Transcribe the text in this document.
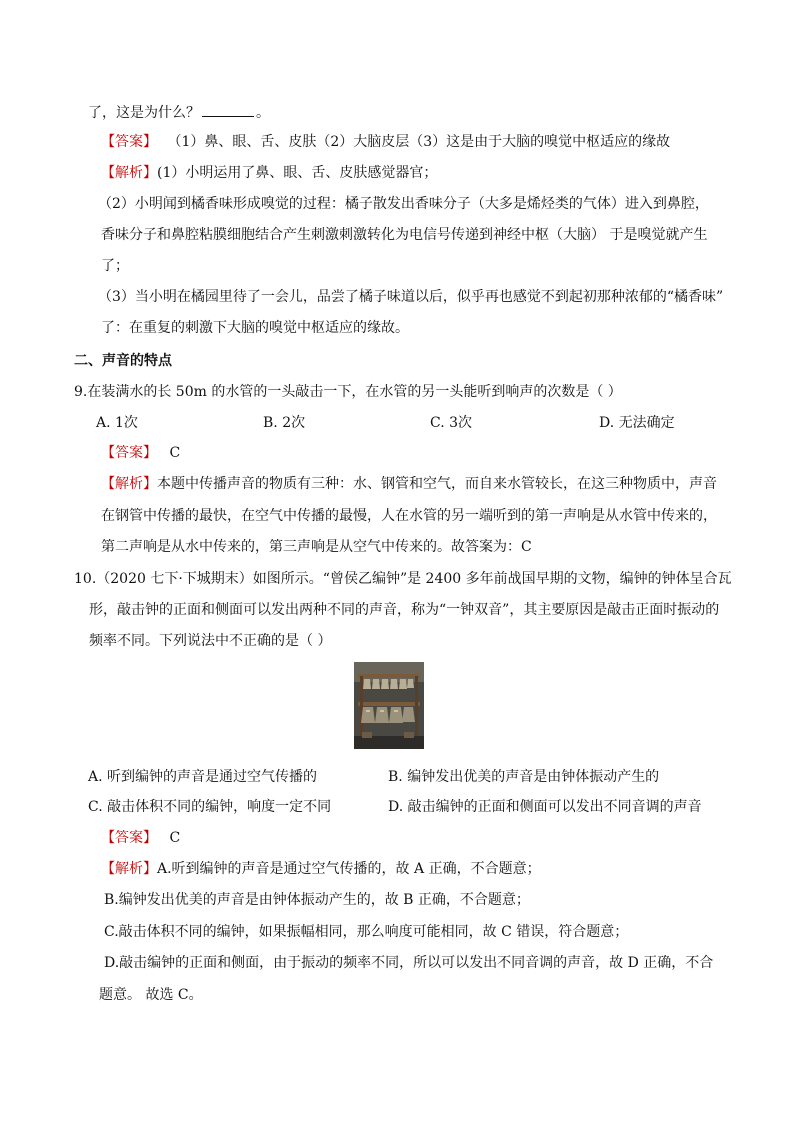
了，这是为什么？	。
【答案】 （1）鼻、眼、舌、皮肤（2）大脑皮层（3）这是由于大脑的嗅觉中枢适应的缘故
【解析】(1）小明运用了鼻、眼、舌、皮肤感觉器官；
（2）小明闻到橘香味形成嗅觉的过程：橘子散发出香味分子（大多是烯烃类的气体）进入到鼻腔，
香味分子和鼻腔粘膜细胞结合产生刺激刺激转化为电信号传递到神经中枢（大脑） 于是嗅觉就产生
了；
（3）当小明在橘园里待了一会儿，品尝了橘子味道以后，似乎再也感觉不到起初那种浓郁的“橘香味”
了：在重复的刺激下大脑的嗅觉中枢适应的缘故。
二、声音的特点
9.在装满水的长 50m 的水管的一头敲击一下，在水管的另一头能听到响声的次数是（ ）
A. 1次	B. 2次	C. 3次	D. 无法确定
【答案】 C
【解析】本题中传播声音的物质有三种：水、钢管和空气，而自来水管较长，在这三种物质中，声音
在钢管中传播的最快，在空气中传播的最慢，人在水管的另一端听到的第一声响是从水管中传来的，
第二声响是从水中传来的，第三声响是从空气中传来的。故答案为：C
10.（2020 七下·下城期末）如图所示。“曾侯乙编钟”是 2400 多年前战国早期的文物，编钟的钟体呈合瓦
形，敲击钟的正面和侧面可以发出两种不同的声音，称为“一钟双音”，其主要原因是敲击正面时振动的
频率不同。下列说法中不正确的是（ ）
A. 听到编钟的声音是通过空气传播的	B. 编钟发出优美的声音是由钟体振动产生的
C. 敲击体积不同的编钟，响度一定不同	D. 敲击编钟的正面和侧面可以发出不同音调的声音
【答案】 C
【解析】A.听到编钟的声音是通过空气传播的，故 A 正确，不合题意；
B.编钟发出优美的声音是由钟体振动产生的，故 B 正确，不合题意；
C.敲击体积不同的编钟，如果振幅相同，那么响度可能相同，故 C 错误，符合题意；
D.敲击编钟的正面和侧面，由于振动的频率不同，所以可以发出不同音调的声音，故 D 正确，不合
题意。 故选 C。
